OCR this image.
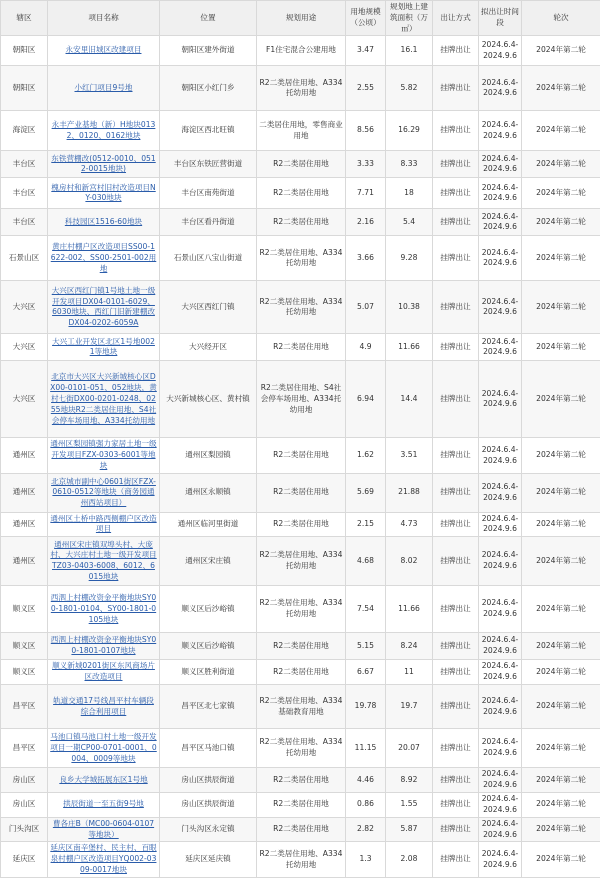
辖区	项目名称	位置	规划用途	用地规模（公顷）	规划地上建筑面积（万㎡）	出让方式	拟出让时间段	轮次
朝阳区	永安里旧城区改建项目	朝阳区建外街道	F1住宅混合公建用地	3.47	16.1	挂牌出让	2024.6.4-2024.9.6	2024年第二轮
朝阳区	小红门项目9号地	朝阳区小红门乡	R2二类居住用地、A334托幼用地	2.55	5.82	挂牌出让	2024.6.4-2024.9.6	2024年第二轮
海淀区	永丰产业基地（新）H地块0132、0120、0162地块	海淀区西北旺镇	二类居住用地，零售商业用地	8.56	16.29	挂牌出让	2024.6.4-2024.9.6	2024年第二轮
丰台区	东铁营棚改(0512-0010、0512-0015地块)	丰台区东铁匠营街道	R2二类居住用地	3.33	8.33	挂牌出让	2024.6.4-2024.9.6	2024年第二轮
丰台区	槐房村和新宫村旧村改造项目NY-030地块	丰台区南苑街道	R2二类居住用地	7.71	18	挂牌出让	2024.6.4-2024.9.6	2024年第二轮
丰台区	科技园区1516-60地块	丰台区看丹街道	R2二类居住用地	2.16	5.4	挂牌出让	2024.6.4-2024.9.6	2024年第二轮
石景山区	黄庄村棚户区改造项目SS00-1622-002、SS00-2501-002用地	石景山区八宝山街道	R2二类居住用地、A334托幼用地	3.66	9.28	挂牌出让	2024.6.4-2024.9.6	2024年第二轮
大兴区	大兴区西红门镇1号地土地一级开发项目DX04-0101-6029、6030地块、西红门旧新建棚改DX04-0202-6059A	大兴区西红门镇	R2二类居住用地、A334托幼用地	5.07	10.38	挂牌出让	2024.6.4-2024.9.6	2024年第二轮
大兴区	大兴工业开发区北区1号地0021等地块	大兴经开区	R2二类居住用地	4.9	11.66	挂牌出让	2024.6.4-2024.9.6	2024年第二轮
大兴区	北京市大兴区大兴新城核心区DX00-0101-051、052地块，黄村七街DX00-0201-0248、0255地块R2二类居住用地、S4社会停车场用地、A334托幼用地	大兴新城核心区、黄村镇	R2二类居住用地、S4社会停车场用地、A334托幼用地	6.94	14.4	挂牌出让	2024.6.4-2024.9.6	2024年第二轮
通州区	通州区梨园镇强力家居土地一级开发项目FZX-0303-6001等地块	通州区梨园镇	R2二类居住用地	1.62	3.51	挂牌出让	2024.6.4-2024.9.6	2024年第二轮
通州区	北京城市副中心0601街区FZX-0610-0512等地块（商务园通州西站项目）	通州区永顺镇	R2二类居住用地	5.69	21.88	挂牌出让	2024.6.4-2024.9.6	2024年第二轮
通州区	通州区土桥中路西侧棚户区改造项目	通州区临河里街道	R2二类居住用地	2.15	4.73	挂牌出让	2024.6.4-2024.9.6	2024年第二轮
通州区	通州区宋庄镇双埠头村、大庞村、大兴庄村土地一级开发项目TZ03-0403-6008、6012、6015地块	通州区宋庄镇	R2二类居住用地、A334托幼用地	4.68	8.02	挂牌出让	2024.6.4-2024.9.6	2024年第二轮
顺义区	西泗上村棚改资金平衡地块SY00-1801-0104、SY00-1801-0105地块	顺义区后沙峪镇	R2二类居住用地、A334托幼用地	7.54	11.66	挂牌出让	2024.6.4-2024.9.6	2024年第二轮
顺义区	西泗上村棚改资金平衡地块SY00-1801-0107地块	顺义区后沙峪镇	R2二类居住用地	5.15	8.24	挂牌出让	2024.6.4-2024.9.6	2024年第二轮
顺义区	顺义新城0201街区东风商场片区改造项目	顺义区胜利街道	R2二类居住用地	6.67	11	挂牌出让	2024.6.4-2024.9.6	2024年第二轮
昌平区	轨道交通17号线昌平村车辆段综合利用项目	昌平区北七家镇	R2二类居住用地、A334基础教育用地	19.78	19.7	挂牌出让	2024.6.4-2024.9.6	2024年第二轮
昌平区	马池口镇马池口村土地一级开发项目一期CP00-0701-0001、0004、0009等地块	昌平区马池口镇	R2二类居住用地、A334托幼用地	11.15	20.07	挂牌出让	2024.6.4-2024.9.6	2024年第二轮
房山区	良乡大学城拓展东区1号地	房山区拱辰街道	R2二类居住用地	4.46	8.92	挂牌出让	2024.6.4-2024.9.6	2024年第二轮
房山区	拱辰街道一至五街9号地	房山区拱辰街道	R2二类居住用地	0.86	1.55	挂牌出让	2024.6.4-2024.9.6	2024年第二轮
门头沟区	曹各庄B（MC00-0604-0107等地块）	门头沟区永定镇	R2二类居住用地	2.82	5.87	挂牌出让	2024.6.4-2024.9.6	2024年第二轮
延庆区	延庆区南辛堡村、民主村、百眼泉村棚户区改造项目YQ002-0309-0017地块	延庆区延庆镇	R2二类居住用地、A334托幼用地	1.3	2.08	挂牌出让	2024.6.4-2024.9.6	2024年第二轮
